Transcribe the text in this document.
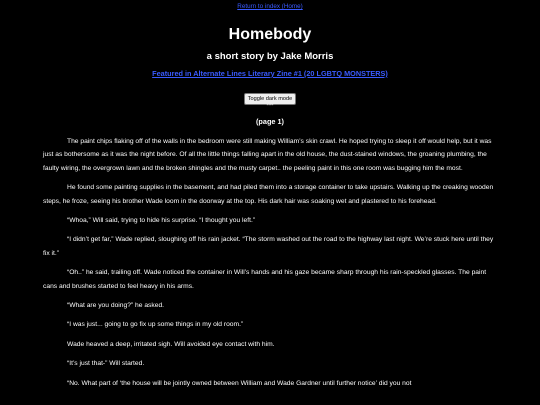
Return to index (Home)
Homebody
a short story by Jake Morris
Featured in Alternate Lines Literary Zine #1 (20 LGBTQ MONSTERS)
Toggle dark mode
---
(page 1)

The paint chips flaking off of the walls in the bedroom were still making William’s skin crawl. He hoped trying to sleep it off would help, but it was just as bothersome as it was the night before. Of all the little things falling apart in the old house, the dust-stained windows, the groaning plumbing, the faulty wiring, the overgrown lawn and the broken shingles and the musty carpet.. the peeling paint in this one room was bugging him the most.

He found some painting supplies in the basement, and had piled them into a storage container to take upstairs. Walking up the creaking wooden steps, he froze, seeing his brother Wade loom in the doorway at the top. His dark hair was soaking wet and plastered to his forehead.

“Whoa,” Will said, trying to hide his surprise. “I thought you left.”

“I didn’t get far,” Wade replied, sloughing off his rain jacket. “The storm washed out the road to the highway last night. We’re stuck here until they fix it.”

“Oh..” he said, trailing off. Wade noticed the container in Will’s hands and his gaze became sharp through his rain-speckled glasses. The paint cans and brushes started to feel heavy in his arms.

“What are you doing?” he asked.

“I was just... going to go fix up some things in my old room.”

Wade heaved a deep, irritated sigh. Will avoided eye contact with him.

“It’s just that-” Will started.

“No. What part of ‘the house will be jointly owned between William and Wade Gardner until further notice’ did you not
